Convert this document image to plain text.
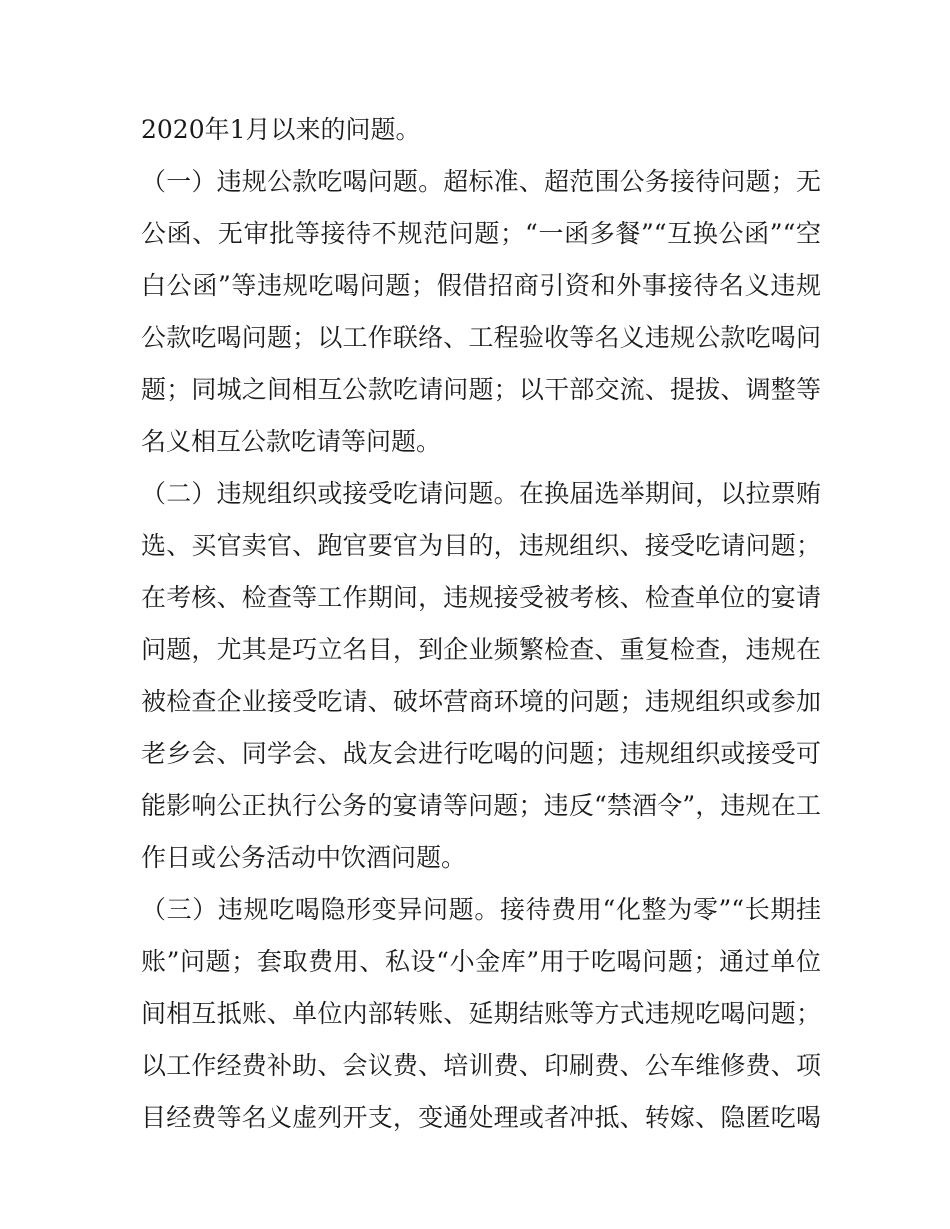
2020年1月以来的问题。
（一）违规公款吃喝问题。超标准、超范围公务接待问题；无
公函、无审批等接待不规范问题；“一函多餐”“互换公函”“空
白公函”等违规吃喝问题；假借招商引资和外事接待名义违规
公款吃喝问题；以工作联络、工程验收等名义违规公款吃喝问
题；同城之间相互公款吃请问题；以干部交流、提拔、调整等
名义相互公款吃请等问题。
（二）违规组织或接受吃请问题。在换届选举期间，以拉票贿
选、买官卖官、跑官要官为目的，违规组织、接受吃请问题；
在考核、检查等工作期间，违规接受被考核、检查单位的宴请
问题，尤其是巧立名目，到企业频繁检查、重复检查，违规在
被检查企业接受吃请、破坏营商环境的问题；违规组织或参加
老乡会、同学会、战友会进行吃喝的问题；违规组织或接受可
能影响公正执行公务的宴请等问题；违反“禁酒令”，违规在工
作日或公务活动中饮酒问题。
（三）违规吃喝隐形变异问题。接待费用“化整为零”“长期挂
账”问题；套取费用、私设“小金库”用于吃喝问题；通过单位
间相互抵账、单位内部转账、延期结账等方式违规吃喝问题；
以工作经费补助、会议费、培训费、印刷费、公车维修费、项
目经费等名义虚列开支，变通处理或者冲抵、转嫁、隐匿吃喝
